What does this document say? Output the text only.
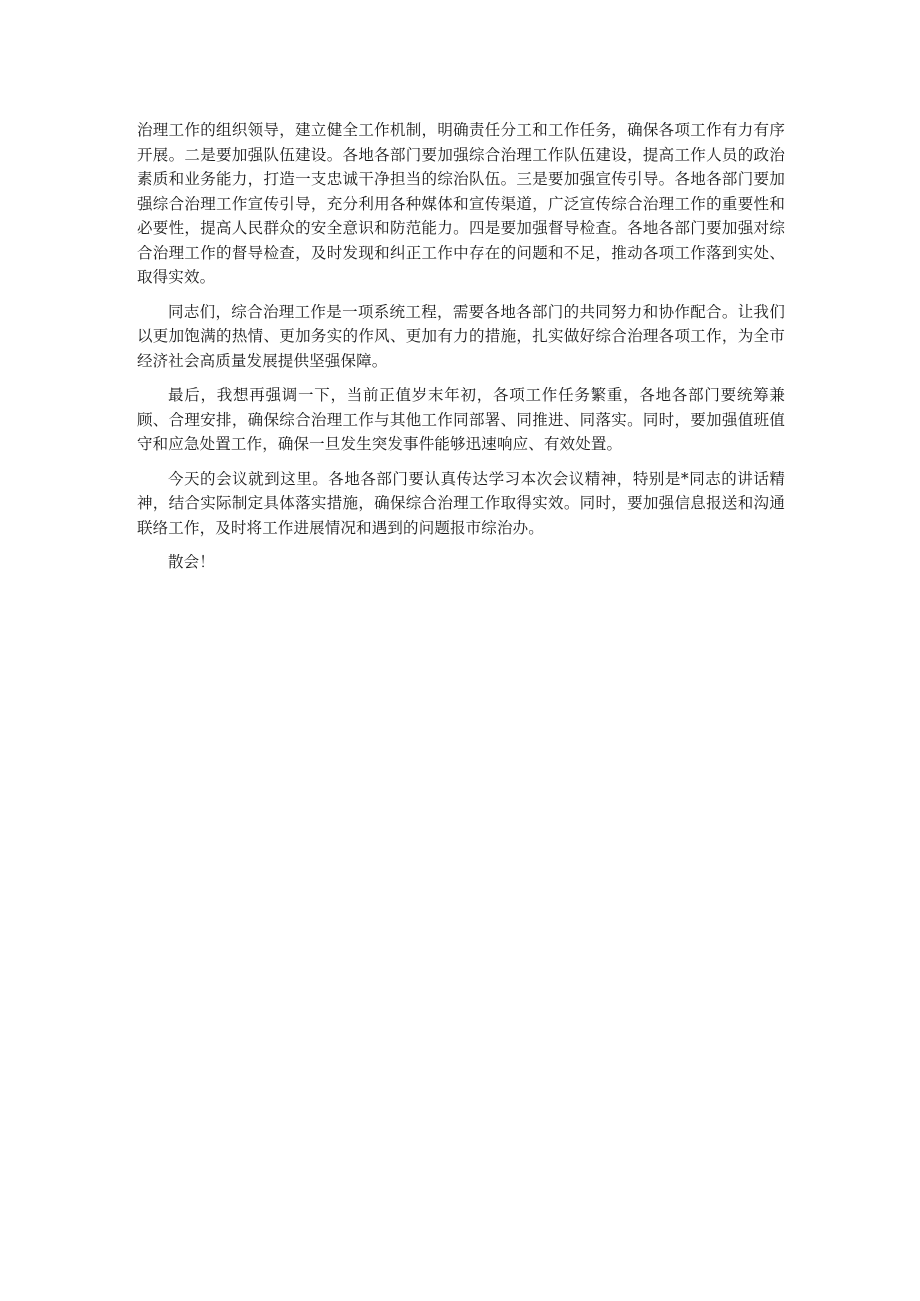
治理工作的组织领导，建立健全工作机制，明确责任分工和工作任务，确保各项工作有力有序开展。二是要加强队伍建设。各地各部门要加强综合治理工作队伍建设，提高工作人员的政治素质和业务能力，打造一支忠诚干净担当的综治队伍。三是要加强宣传引导。各地各部门要加强综合治理工作宣传引导，充分利用各种媒体和宣传渠道，广泛宣传综合治理工作的重要性和必要性，提高人民群众的安全意识和防范能力。四是要加强督导检查。各地各部门要加强对综合治理工作的督导检查，及时发现和纠正工作中存在的问题和不足，推动各项工作落到实处、取得实效。

同志们，综合治理工作是一项系统工程，需要各地各部门的共同努力和协作配合。让我们以更加饱满的热情、更加务实的作风、更加有力的措施，扎实做好综合治理各项工作，为全市经济社会高质量发展提供坚强保障。

最后，我想再强调一下，当前正值岁末年初，各项工作任务繁重，各地各部门要统筹兼顾、合理安排，确保综合治理工作与其他工作同部署、同推进、同落实。同时，要加强值班值守和应急处置工作，确保一旦发生突发事件能够迅速响应、有效处置。

今天的会议就到这里。各地各部门要认真传达学习本次会议精神，特别是*同志的讲话精神，结合实际制定具体落实措施，确保综合治理工作取得实效。同时，要加强信息报送和沟通联络工作，及时将工作进展情况和遇到的问题报市综治办。

散会！
